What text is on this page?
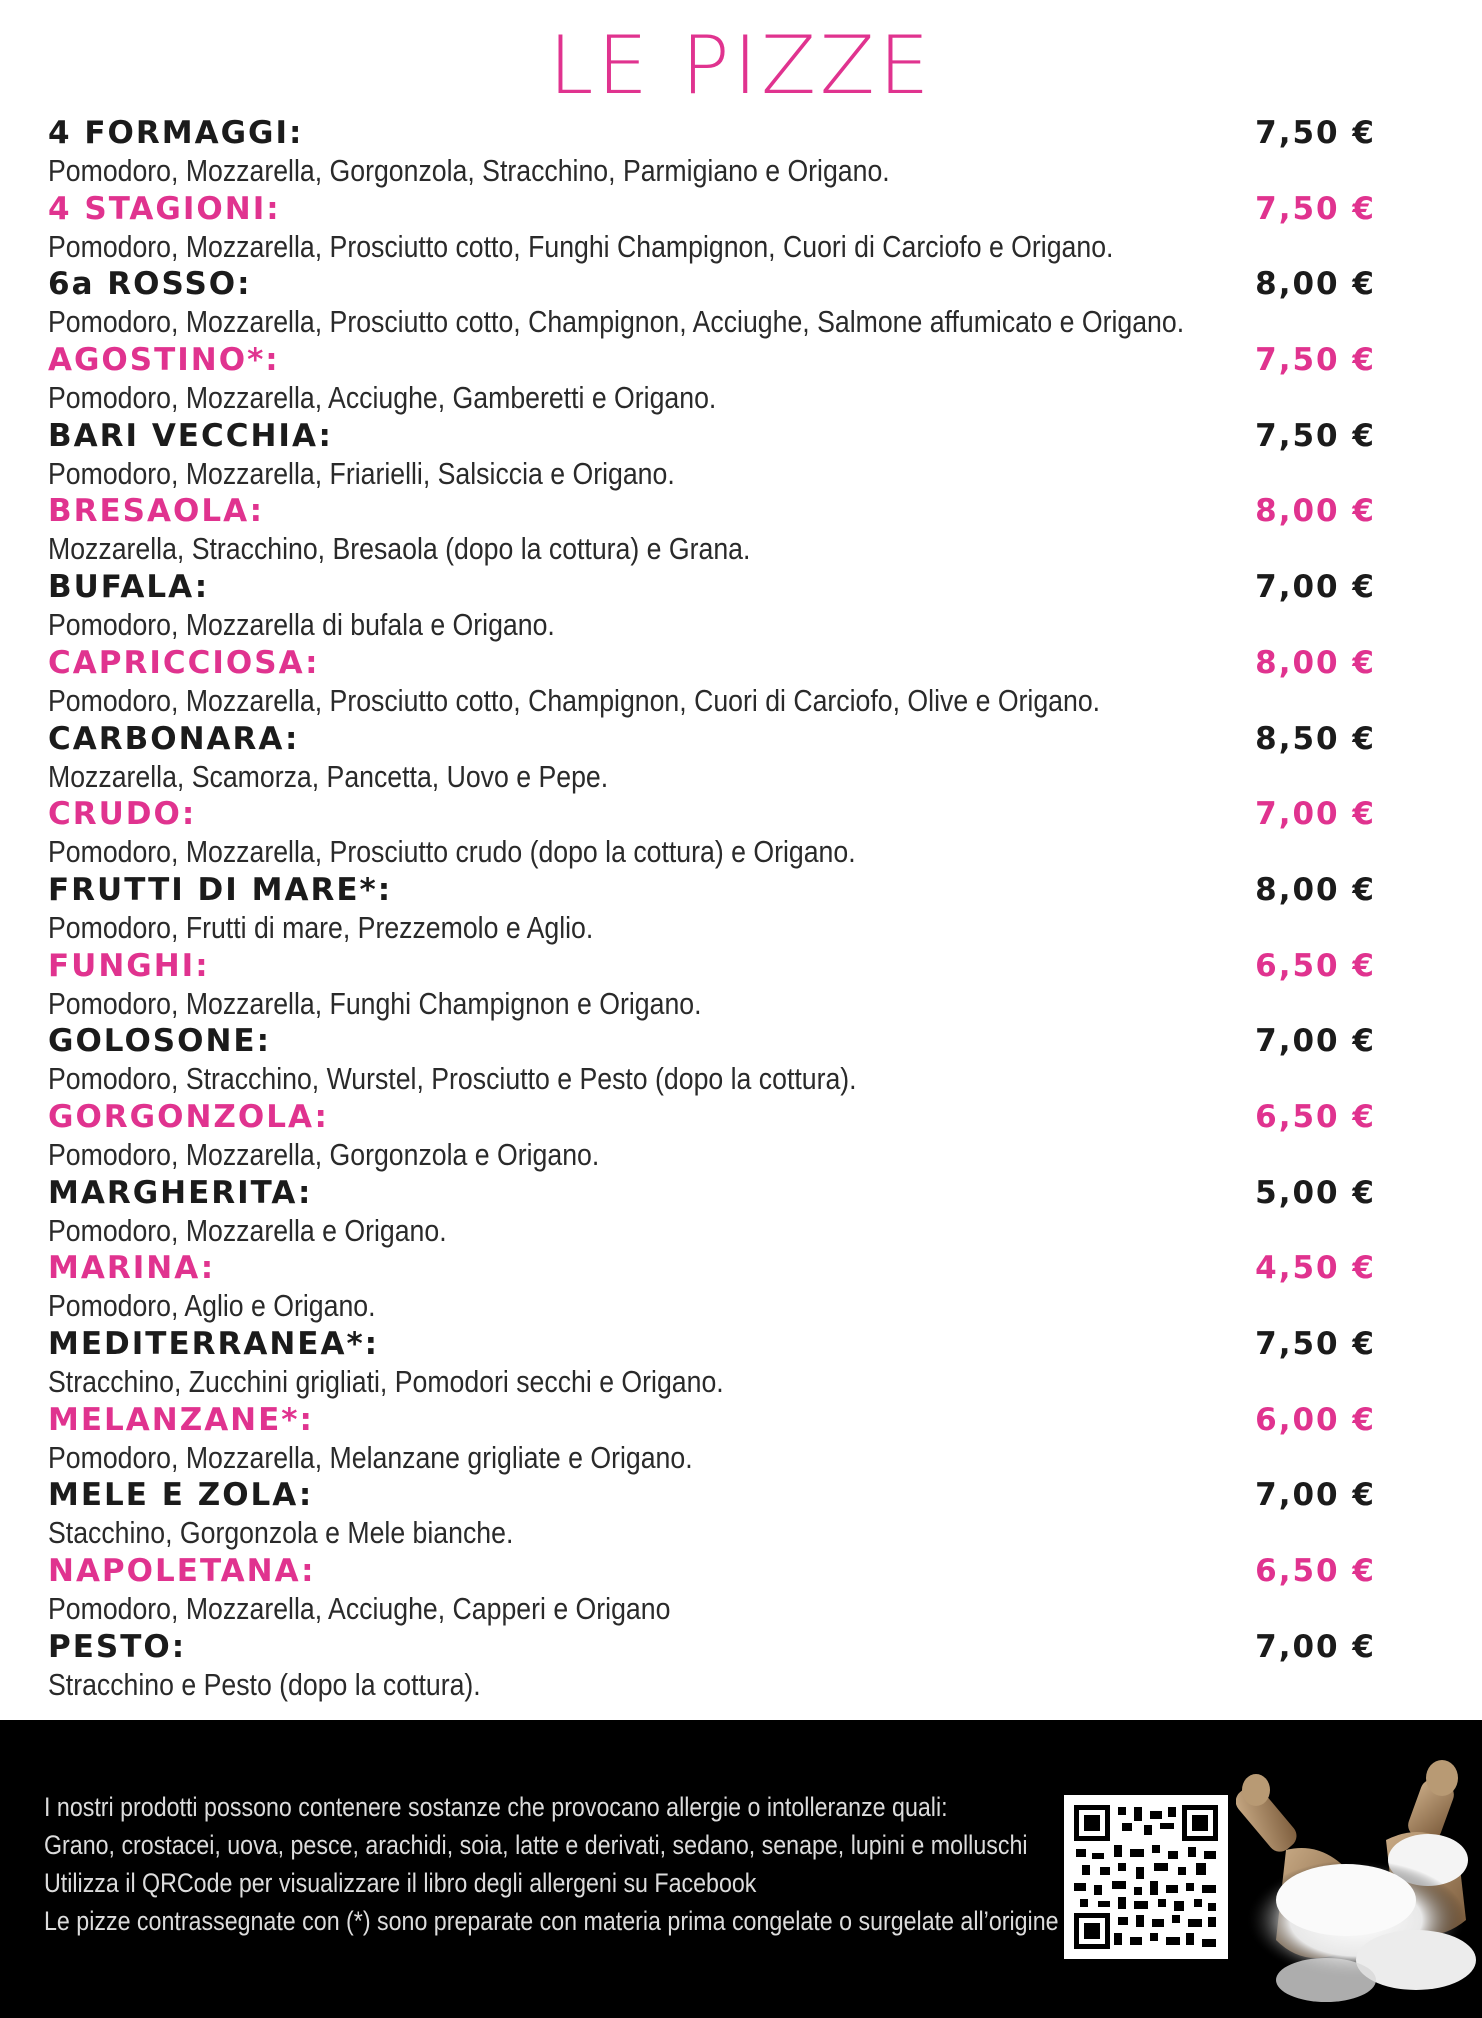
LE PIZZE
4 FORMAGGI:	7,50 €
Pomodoro, Mozzarella, Gorgonzola, Stracchino, Parmigiano e Origano.
4 STAGIONI:	7,50 €
Pomodoro, Mozzarella, Prosciutto cotto, Funghi Champignon, Cuori di Carciofo e Origano.
6a ROSSO:	8,00 €
Pomodoro, Mozzarella, Prosciutto cotto, Champignon, Acciughe, Salmone affumicato e Origano.
AGOSTINO*:	7,50 €
Pomodoro, Mozzarella, Acciughe, Gamberetti e Origano.
BARI VECCHIA:	7,50 €
Pomodoro, Mozzarella, Friarielli, Salsiccia e Origano.
BRESAOLA:	8,00 €
Mozzarella, Stracchino, Bresaola (dopo la cottura) e Grana.
BUFALA:	7,00 €
Pomodoro, Mozzarella di bufala e Origano.
CAPRICCIOSA:	8,00 €
Pomodoro, Mozzarella, Prosciutto cotto, Champignon, Cuori di Carciofo, Olive e Origano.
CARBONARA:	8,50 €
Mozzarella, Scamorza, Pancetta, Uovo e Pepe.
CRUDO:	7,00 €
Pomodoro, Mozzarella, Prosciutto crudo (dopo la cottura) e Origano.
FRUTTI DI MARE*:	8,00 €
Pomodoro, Frutti di mare, Prezzemolo e Aglio.
FUNGHI:	6,50 €
Pomodoro, Mozzarella, Funghi Champignon e Origano.
GOLOSONE:	7,00 €
Pomodoro, Stracchino, Wurstel, Prosciutto e Pesto (dopo la cottura).
GORGONZOLA:	6,50 €
Pomodoro, Mozzarella, Gorgonzola e Origano.
MARGHERITA:	5,00 €
Pomodoro, Mozzarella e Origano.
MARINA:	4,50 €
Pomodoro, Aglio e Origano.
MEDITERRANEA*:	7,50 €
Stracchino, Zucchini grigliati, Pomodori secchi e Origano.
MELANZANE*:	6,00 €
Pomodoro, Mozzarella, Melanzane grigliate e Origano.
MELE E ZOLA:	7,00 €
Stacchino, Gorgonzola e Mele bianche.
NAPOLETANA:	6,50 €
Pomodoro, Mozzarella, Acciughe, Capperi e Origano
PESTO:	7,00 €
Stracchino e Pesto (dopo la cottura).
I nostri prodotti possono contenere sostanze che provocano allergie o intolleranze quali:
Grano, crostacei, uova, pesce, arachidi, soia, latte e derivati, sedano, senape, lupini e molluschi
Utilizza il QRCode per visualizzare il libro degli allergeni su Facebook
Le pizze contrassegnate con (*) sono preparate con materia prima congelate o surgelate all’origine
